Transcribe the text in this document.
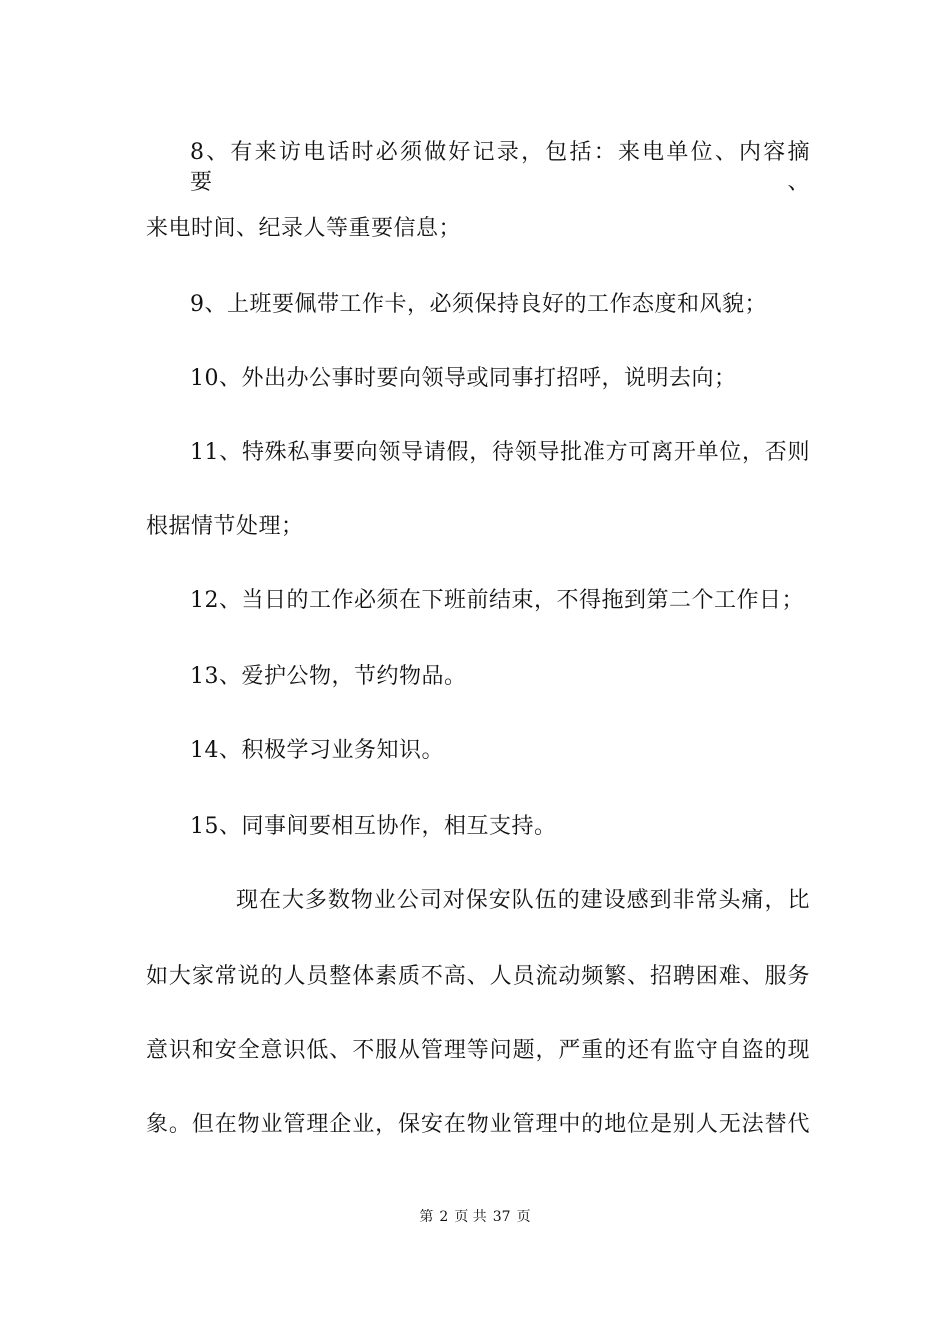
8、有来访电话时必须做好记录，包括：来电单位、内容摘要、
来电时间、纪录人等重要信息；
9、上班要佩带工作卡，必须保持良好的工作态度和风貌；
10、外出办公事时要向领导或同事打招呼，说明去向；
11、特殊私事要向领导请假，待领导批准方可离开单位，否则
根据情节处理；
12、当日的工作必须在下班前结束，不得拖到第二个工作日；
13、爱护公物，节约物品。
14、积极学习业务知识。
15、同事间要相互协作，相互支持。
现在大多数物业公司对保安队伍的建设感到非常头痛，比
如大家常说的人员整体素质不高、人员流动频繁、招聘困难、服务
意识和安全意识低、不服从管理等问题，严重的还有监守自盗的现
象。但在物业管理企业，保安在物业管理中的地位是别人无法替代
第 2 页 共 37 页
